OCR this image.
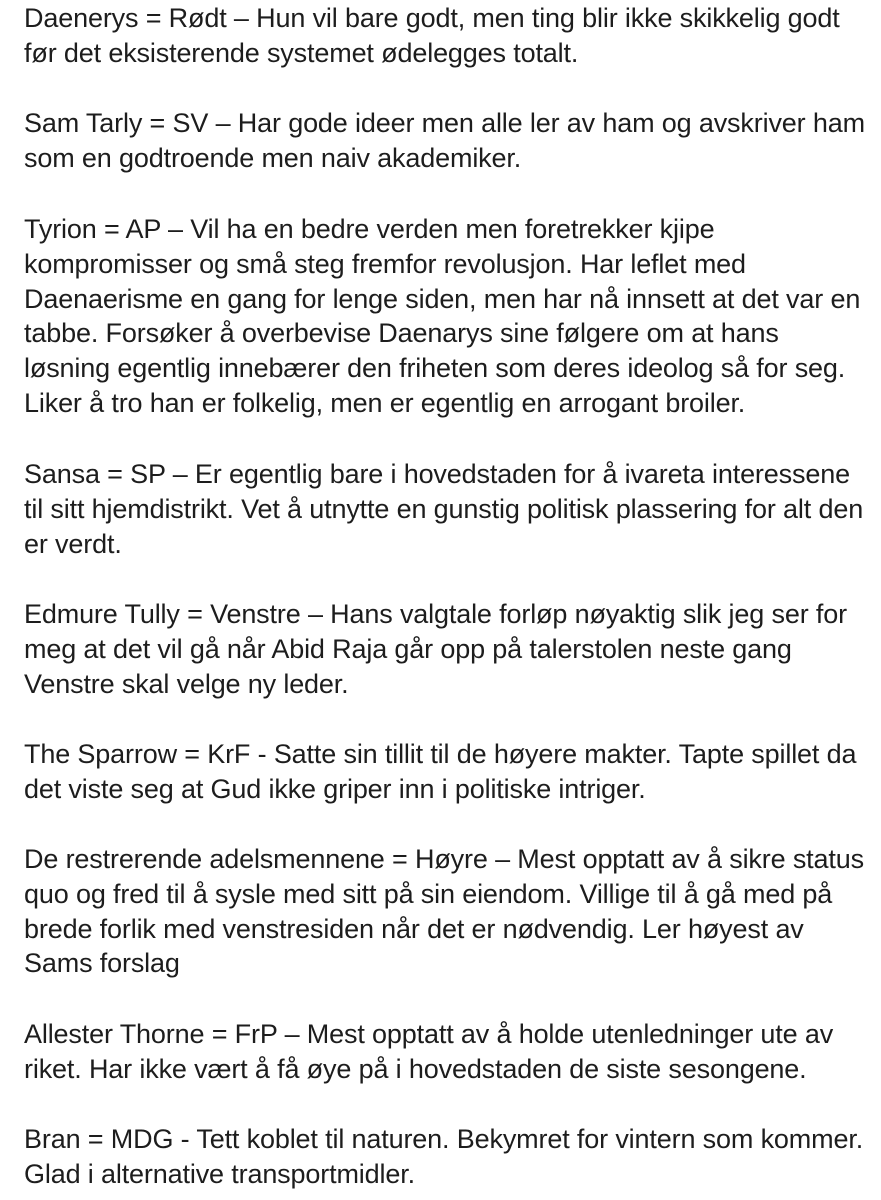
Daenerys = Rødt – Hun vil bare godt, men ting blir ikke skikkelig godt før det eksisterende systemet ødelegges totalt.

Sam Tarly = SV – Har gode ideer men alle ler av ham og avskriver ham som en godtroende men naiv akademiker.

Tyrion = AP – Vil ha en bedre verden men foretrekker kjipe kompromisser og små steg fremfor revolusjon. Har leflet med Daenaerisme en gang for lenge siden, men har nå innsett at det var en tabbe. Forsøker å overbevise Daenarys sine følgere om at hans løsning egentlig innebærer den friheten som deres ideolog så for seg. Liker å tro han er folkelig, men er egentlig en arrogant broiler.

Sansa = SP – Er egentlig bare i hovedstaden for å ivareta interessene til sitt hjemdistrikt. Vet å utnytte en gunstig politisk plassering for alt den er verdt.

Edmure Tully = Venstre – Hans valgtale forløp nøyaktig slik jeg ser for meg at det vil gå når Abid Raja går opp på talerstolen neste gang Venstre skal velge ny leder.

The Sparrow = KrF - Satte sin tillit til de høyere makter. Tapte spillet da det viste seg at Gud ikke griper inn i politiske intriger.

De restrerende adelsmennene = Høyre – Mest opptatt av å sikre status quo og fred til å sysle med sitt på sin eiendom. Villige til å gå med på brede forlik med venstresiden når det er nødvendig. Ler høyest av Sams forslag

Allester Thorne = FrP – Mest opptatt av å holde utenledninger ute av riket. Har ikke vært å få øye på i hovedstaden de siste sesongene.

Bran = MDG - Tett koblet til naturen. Bekymret for vintern som kommer. Glad i alternative transportmidler.
